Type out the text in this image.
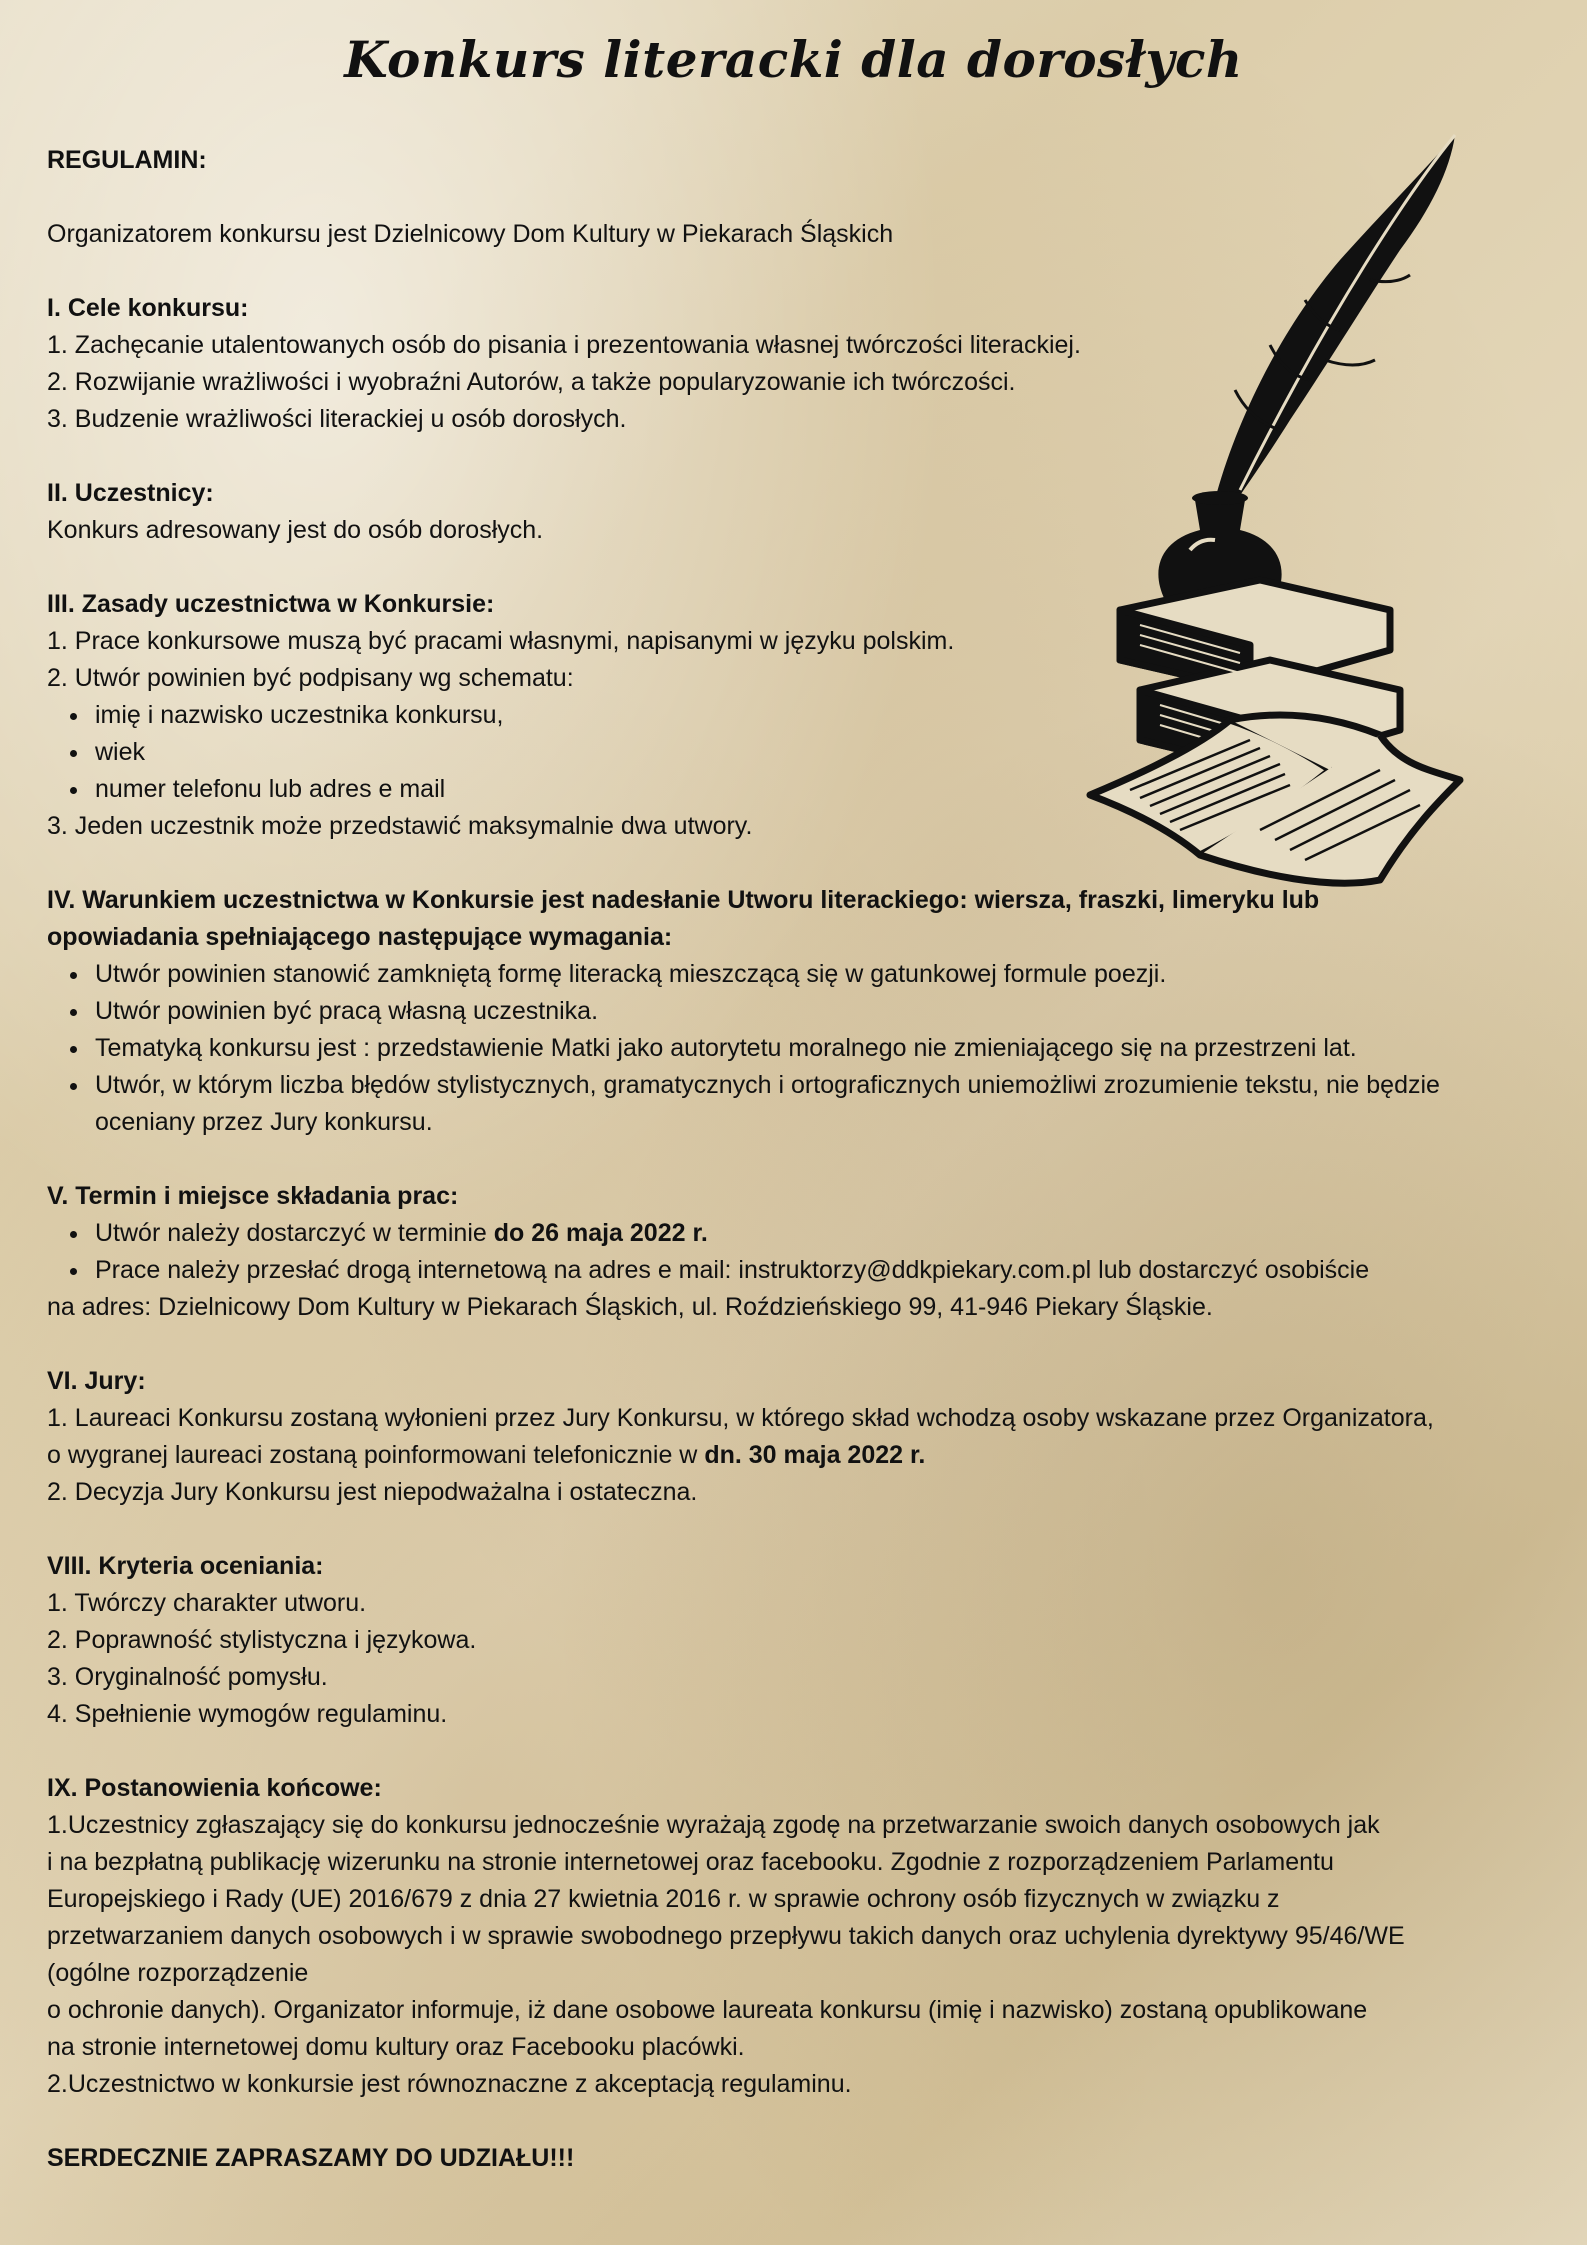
Konkurs literacki dla dorosłych

REGULAMIN:

Organizatorem konkursu jest Dzielnicowy Dom Kultury w Piekarach Śląskich

I. Cele konkursu:

1. Zachęcanie utalentowanych osób do pisania i prezentowania własnej twórczości literackiej.

2. Rozwijanie wrażliwości i wyobraźni Autorów, a także popularyzowanie ich twórczości.

3. Budzenie wrażliwości literackiej u osób dorosłych.

II. Uczestnicy:

Konkurs adresowany jest do osób dorosłych.

III. Zasady uczestnictwa w Konkursie:

1. Prace konkursowe muszą być pracami własnymi, napisanymi w języku polskim.

2. Utwór powinien być podpisany wg schematu:

• imię i nazwisko uczestnika konkursu,
• wiek
• numer telefonu lub adres e mail

3. Jeden uczestnik może przedstawić maksymalnie dwa utwory.

IV. Warunkiem uczestnictwa w Konkursie jest nadesłanie Utworu literackiego: wiersza, fraszki, limeryku lub

opowiadania spełniającego następujące wymagania:

• Utwór powinien stanowić zamkniętą formę literacką mieszczącą się w gatunkowej formule poezji.
• Utwór powinien być pracą własną uczestnika.
• Tematyką konkursu jest : przedstawienie Matki jako autorytetu moralnego nie zmieniającego się na przestrzeni lat.
• Utwór, w którym liczba błędów stylistycznych, gramatycznych i ortograficznych uniemożliwi zrozumienie tekstu, nie będzie oceniany przez Jury konkursu.

V. Termin i miejsce składania prac:

• Utwór należy dostarczyć w terminie do 26 maja 2022 r.
• Prace należy przesłać drogą internetową na adres e mail: instruktorzy@ddkpiekary.com.pl lub dostarczyć osobiście

na adres: Dzielnicowy Dom Kultury w Piekarach Śląskich, ul. Roździeńskiego 99, 41-946 Piekary Śląskie.

VI. Jury:

1. Laureaci Konkursu zostaną wyłonieni przez Jury Konkursu, w którego skład wchodzą osoby wskazane przez Organizatora,

o wygranej laureaci zostaną poinformowani telefonicznie w dn. 30 maja 2022 r.

2. Decyzja Jury Konkursu jest niepodważalna i ostateczna.

VIII. Kryteria oceniania:

1. Twórczy charakter utworu.

2. Poprawność stylistyczna i językowa.

3. Oryginalność pomysłu.

4. Spełnienie wymogów regulaminu.

IX. Postanowienia końcowe:

1.Uczestnicy zgłaszający się do konkursu jednocześnie wyrażają zgodę na przetwarzanie swoich danych osobowych jak

i na bezpłatną publikację wizerunku na stronie internetowej oraz facebooku. Zgodnie z rozporządzeniem Parlamentu

Europejskiego i Rady (UE) 2016/679 z dnia 27 kwietnia 2016 r. w sprawie ochrony osób fizycznych w związku z

przetwarzaniem danych osobowych i w sprawie swobodnego przepływu takich danych oraz uchylenia dyrektywy 95/46/WE

(ogólne rozporządzenie

o ochronie danych). Organizator informuje, iż dane osobowe laureata konkursu (imię i nazwisko) zostaną opublikowane

na stronie internetowej domu kultury oraz Facebooku placówki.

2.Uczestnictwo w konkursie jest równoznaczne z akceptacją regulaminu.

SERDECZNIE ZAPRASZAMY DO UDZIAŁU!!!
